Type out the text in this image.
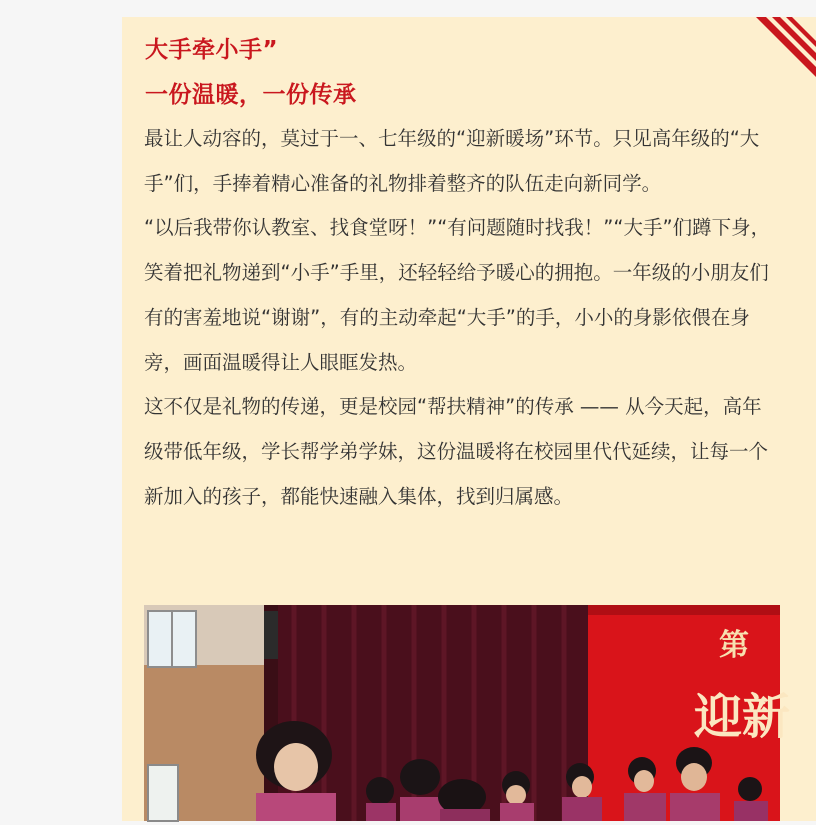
大手牵小手”
一份温暖，一份传承

最让人动容的，莫过于一、七年级的“迎新暖场”环节。只见高年级的“大手”们，手捧着精心准备的礼物排着整齐的队伍走向新同学。

“以后我带你认教室、找食堂呀！”“有问题随时找我！”“大手”们蹲下身，笑着把礼物递到“小手”手里，还轻轻给予暖心的拥抱。一年级的小朋友们有的害羞地说“谢谢”，有的主动牵起“大手”的手，小小的身影依偎在身旁，画面温暖得让人眼眶发热。

这不仅是礼物的传递，更是校园“帮扶精神”的传承 —— 从今天起，高年级带低年级，学长帮学弟学妹，这份温暖将在校园里代代延续，让每一个新加入的孩子，都能快速融入集体，找到归属感。

第
迎新
